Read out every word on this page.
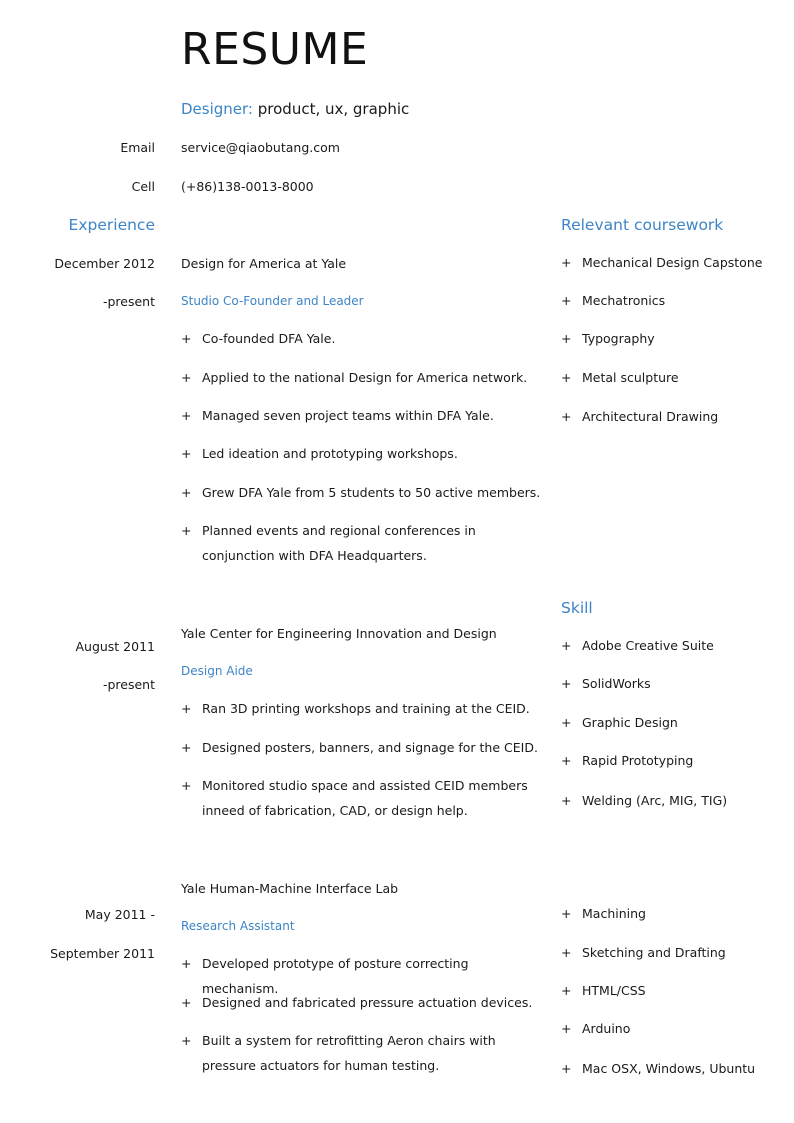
RESUME
Designer: product, ux, graphic
Email service@qiaobutang.com
Cell (+86)138-0013-8000
Experience	Relevant coursework
Skill
December 2012
-present
Design for America at Yale
Studio Co-Founder and Leader
+ Co-founded DFA Yale.
+ Applied to the national Design for America network.
+ Managed seven project teams within DFA Yale.
+ Led ideation and prototyping workshops.
+ Grew DFA Yale from 5 students to 50 active members.
+ Planned events and regional conferences in conjunction with DFA Headquarters.
Yale Center for Engineering Innovation and Design
August 2011
Design Aide
-present
+ Ran 3D printing workshops and training at the CEID.
+ Designed posters, banners, and signage for the CEID.
+ Monitored studio space and assisted CEID members inneed of fabrication, CAD, or design help.
Yale Human-Machine Interface Lab
May 2011 -
Research Assistant
September 2011
+ Developed prototype of posture correcting mechanism.
+ Designed and fabricated pressure actuation devices.
+ Built a system for retrofitting Aeron chairs with pressure actuators for human testing.
+ Mechanical Design Capstone
+ Mechatronics
+ Typography
+ Metal sculpture
+ Architectural Drawing
+ Adobe Creative Suite
+ SolidWorks
+ Graphic Design
+ Rapid Prototyping
+ Welding (Arc, MIG, TIG)
+ Machining
+ Sketching and Drafting
+ HTML/CSS
+ Arduino
+ Mac OSX, Windows, Ubuntu
